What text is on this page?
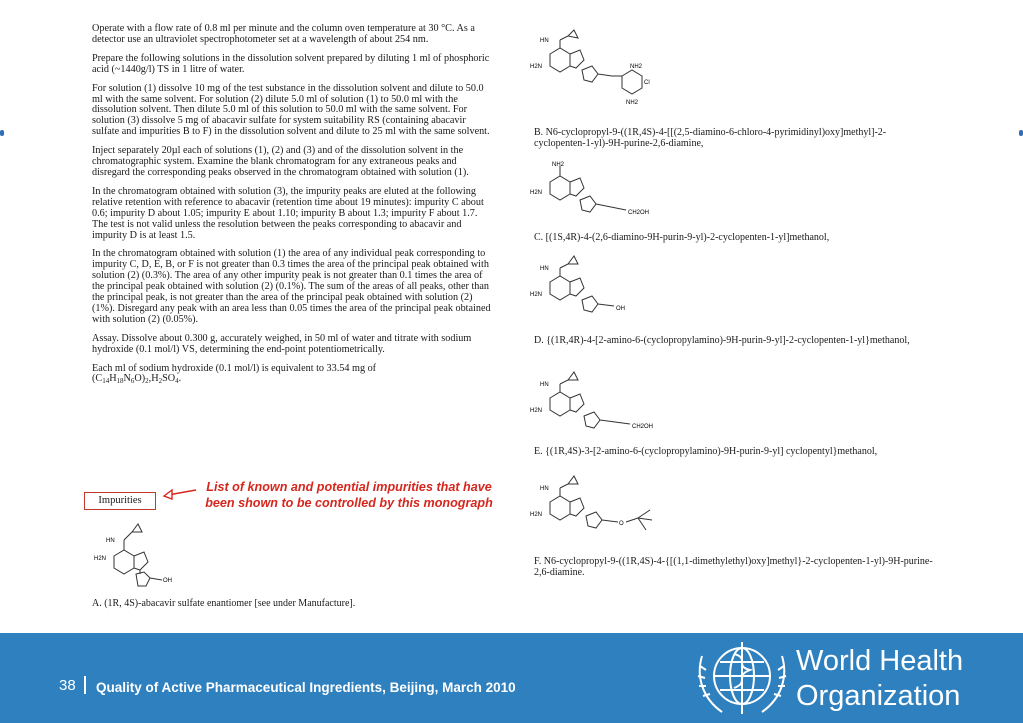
Operate with a flow rate of 0.8 ml per minute and the column oven temperature at 30 °C. As a detector use an ultraviolet spectrophotometer set at a wavelength of about 254 nm.

Prepare the following solutions in the dissolution solvent prepared by diluting 1 ml of phosphoric acid (~1440g/l) TS in 1 litre of water.

For solution (1) dissolve 10 mg of the test substance in the dissolution solvent and dilute to 50.0 ml with the same solvent. For solution (2) dilute 5.0 ml of solution (1) to 50.0 ml with the dissolution solvent. Then dilute 5.0 ml of this solution to 50.0 ml with the same solvent. For solution (3) dissolve 5 mg of abacavir sulfate for system suitability RS (containing abacavir sulfate and impurities B to F) in the dissolution solvent and dilute to 25 ml with the same solvent.

Inject separately 20µl each of solutions (1), (2) and (3) and of the dissolution solvent in the chromatographic system. Examine the blank chromatogram for any extraneous peaks and disregard the corresponding peaks observed in the chromatogram obtained with solution (1).

In the chromatogram obtained with solution (3), the impurity peaks are eluted at the following relative retention with reference to abacavir (retention time about 19 minutes): impurity C about 0.6; impurity D about 1.05; impurity E about 1.10; impurity B about 1.3; impurity F about 1.7. The test is not valid unless the resolution between the peaks corresponding to abacavir and impurity D is at least 1.5.

In the chromatogram obtained with solution (1) the area of any individual peak corresponding to impurity C, D, E, B, or F is not greater than 0.3 times the area of the principal peak obtained with solution (2) (0.3%). The area of any other impurity peak is not greater than 0.1 times the area of the principal peak obtained with solution (2) (0.1%). The sum of the areas of all peaks, other than the principal peak, is not greater than the area of the principal peak obtained with solution (2) (1%). Disregard any peak with an area less than 0.05 times the area of the principal peak obtained with solution (2) (0.05%).

Assay. Dissolve about 0.300 g, accurately weighed, in 50 ml of water and titrate with sodium hydroxide (0.1 mol/l) VS, determining the end-point potentiometrically.

Each ml of sodium hydroxide (0.1 mol/l) is equivalent to 33.54 mg of
$(C_{14}H_{18}N_6O)_2,H_2SO_4$.

Impurities
List of known and potential impurities that have been shown to be controlled by this monograph
HN
H2N
OH
A. (1R, 4S)-abacavir sulfate enantiomer [see under Manufacture].
HN
H2N	NH2
Cl
NH2
B. N6-cyclopropyl-9-((1R,4S)-4-[[(2,5-diamino-6-chloro-4-pyrimidinyl)oxy]methyl]-2-cyclopenten-1-yl)-9H-purine-2,6-diamine,
NH2
H2N
CH2OH
C. [(1S,4R)-4-(2,6-diamino-9H-purin-9-yl)-2-cyclopenten-1-yl]methanol,
HN
H2N
OH
D. {(1R,4R)-4-[2-amino-6-(cyclopropylamino)-9H-purin-9-yl]-2-cyclopenten-1-yl}methanol,
HN
H2N
CH2OH
E. {(1R,4S)-3-[2-amino-6-(cyclopropylamino)-9H-purin-9-yl] cyclopentyl}methanol,
HN
H2N
O
F. N6-cyclopropyl-9-((1R,4S)-4-{[(1,1-dimethylethyl)oxy]methyl}-2-cyclopenten-1-yl)-9H-purine-2,6-diamine.
38 Quality of Active Pharmaceutical Ingredients, Beijing, March 2010
World Health
Organization
